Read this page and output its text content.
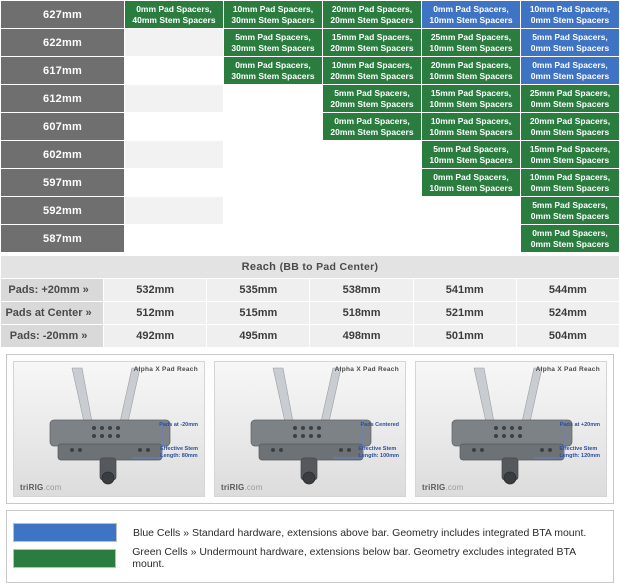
627mm	0mm Pad Spacers,
40mm Stem Spacers	10mm Pad Spacers,
30mm Stem Spacers	20mm Pad Spacers,
20mm Stem Spacers	0mm Pad Spacers,
10mm Stem Spacers	10mm Pad Spacers,
0mm Stem Spacers

622mm		5mm Pad Spacers,
30mm Stem Spacers	15mm Pad Spacers,
20mm Stem Spacers	25mm Pad Spacers,
10mm Stem Spacers	5mm Pad Spacers,
0mm Stem Spacers

617mm		0mm Pad Spacers,
30mm Stem Spacers	10mm Pad Spacers,
20mm Stem Spacers	20mm Pad Spacers,
10mm Stem Spacers	0mm Pad Spacers,
0mm Stem Spacers

612mm			5mm Pad Spacers,
20mm Stem Spacers	15mm Pad Spacers,
10mm Stem Spacers	25mm Pad Spacers,
0mm Stem Spacers

607mm			0mm Pad Spacers,
20mm Stem Spacers	10mm Pad Spacers,
10mm Stem Spacers	20mm Pad Spacers,
0mm Stem Spacers

602mm				5mm Pad Spacers,
10mm Stem Spacers	15mm Pad Spacers,
0mm Stem Spacers

597mm				0mm Pad Spacers,
10mm Stem Spacers	10mm Pad Spacers,
0mm Stem Spacers

592mm					5mm Pad Spacers,
0mm Stem Spacers

587mm					0mm Pad Spacers,
0mm Stem Spacers
Reach (BB to Pad Center)					
Pads: +20mm »	532mm	535mm	538mm	541mm	544mm
Pads at Center »	512mm	515mm	518mm	521mm	524mm
Pads: -20mm »	492mm	495mm	498mm	501mm	504mm
Alpha X Pad Reach
triRIG.com
Pads at -20mm
Effective Stem
Length: 80mm
Alpha X Pad Reach
triRIG.com
Pads Centered
Effective Stem
Length: 100mm
Alpha X Pad Reach
triRIG.com
Pads at +20mm
Effective Stem
Length: 120mm
Blue Cells » Standard hardware, extensions above bar. Geometry includes integrated BTA mount.
Green Cells » Undermount hardware, extensions below bar. Geometry excludes integrated BTA mount.
